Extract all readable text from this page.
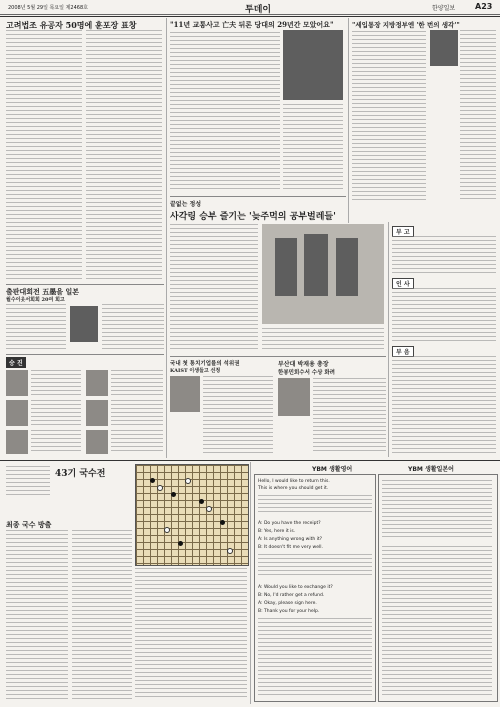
2008년 5월 29일 목요일 제2468호	투데이	한양일보 A23
고려법조 유공자 50명에 훈포장 표창
출판대회전 五墨을 일본
월수이웃서회회 20여 회고
승 진
"11년 교통사고 亡夫 뒤론 당대의 29년간 모았어요"	"세입통장 지방정부엔 '한 번의 생각'"
끝없는 정성
사각링 승부 즐기는 '늦주먹의 공부벌레들'
부 고
인 사
부 음
국내 첫 통치기업를의 석위권
KAIST 이생들고 선정
부산대 박재용 총장
한봉민회수서 수상 화려
43기 국수전
최종 국수 방출
YBM 생활영어
Hello, I would like to return this.
This is where you should get it.
A: Do you have the receipt?
B: Yes, here it is.
A: Is anything wrong with it?
B: It doesn't fit me very well.
A: Would you like to exchange it?
B: No, I'd rather get a refund.
A: Okay, please sign here.
B: Thank you for your help.
YBM 생활일본어
